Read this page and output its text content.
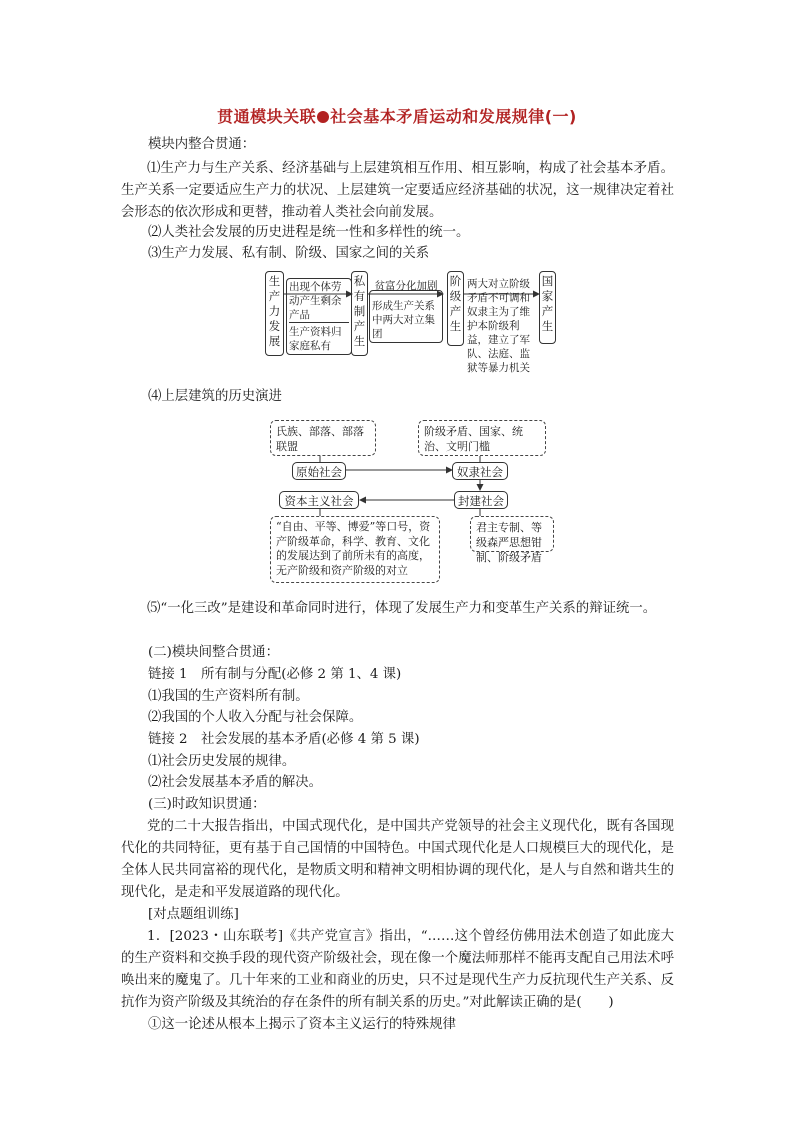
贯通模块关联 社会基本矛盾运动和发展规律(一)
模块内整合贯通：
⑴生产力与生产关系、经济基础与上层建筑相互作用、相互影响，构成了社会基本矛盾。生产关系一定要适应生产力的状况、上层建筑一定要适应经济基础的状况，这一规律决定着社会形态的依次形成和更替，推动着人类社会向前发展。
⑵人类社会发展的历史进程是统一性和多样性的统一。
⑶生产力发展、私有制、阶级、国家之间的关系
生产力发展
出现个体劳动产生剩余产品
生产资料归家庭私有
私有制产生
贫富分化加剧
形成生产关系中两大对立集团
阶级产生
两大对立阶级矛盾不可调和奴隶主为了维护本阶级利益，建立了军队、法庭、监狱等暴力机关
国家产生
⑷上层建筑的历史演进
氏族、部落、部落联盟
阶级矛盾、国家、统治、文明门槛
原始社会	奴隶社会
资本主义社会	封建社会
“自由、平等、博爱”等口号，资产阶级革命，科学、教育、文化的发展达到了前所未有的高度，无产阶级和资产阶级的对立
君主专制、等级森严思想钳制、阶级矛盾
⑸“一化三改”是建设和革命同时进行，体现了发展生产力和变革生产关系的辩证统一。
(二)模块间整合贯通：
链接 1　所有制与分配(必修 2 第 1、4 课)
⑴我国的生产资料所有制。
⑵我国的个人收入分配与社会保障。
链接 2　社会发展的基本矛盾(必修 4 第 5 课)
⑴社会历史发展的规律。
⑵社会发展基本矛盾的解决。
(三)时政知识贯通：
党的二十大报告指出，中国式现代化，是中国共产党领导的社会主义现代化，既有各国现代化的共同特征，更有基于自己国情的中国特色。中国式现代化是人口规模巨大的现代化，是全体人民共同富裕的现代化，是物质文明和精神文明相协调的现代化，是人与自然和谐共生的现代化，是走和平发展道路的现代化。
[对点题组训练]
1．[2023・山东联考]《共产党宣言》指出，“……这个曾经仿佛用法术创造了如此庞大的生产资料和交换手段的现代资产阶级社会，现在像一个魔法师那样不能再支配自己用法术呼唤出来的魔鬼了。几十年来的工业和商业的历史，只不过是现代生产力反抗现代生产关系、反抗作为资产阶级及其统治的存在条件的所有制关系的历史。”对此解读正确的是(　　)
①这一论述从根本上揭示了资本主义运行的特殊规律
